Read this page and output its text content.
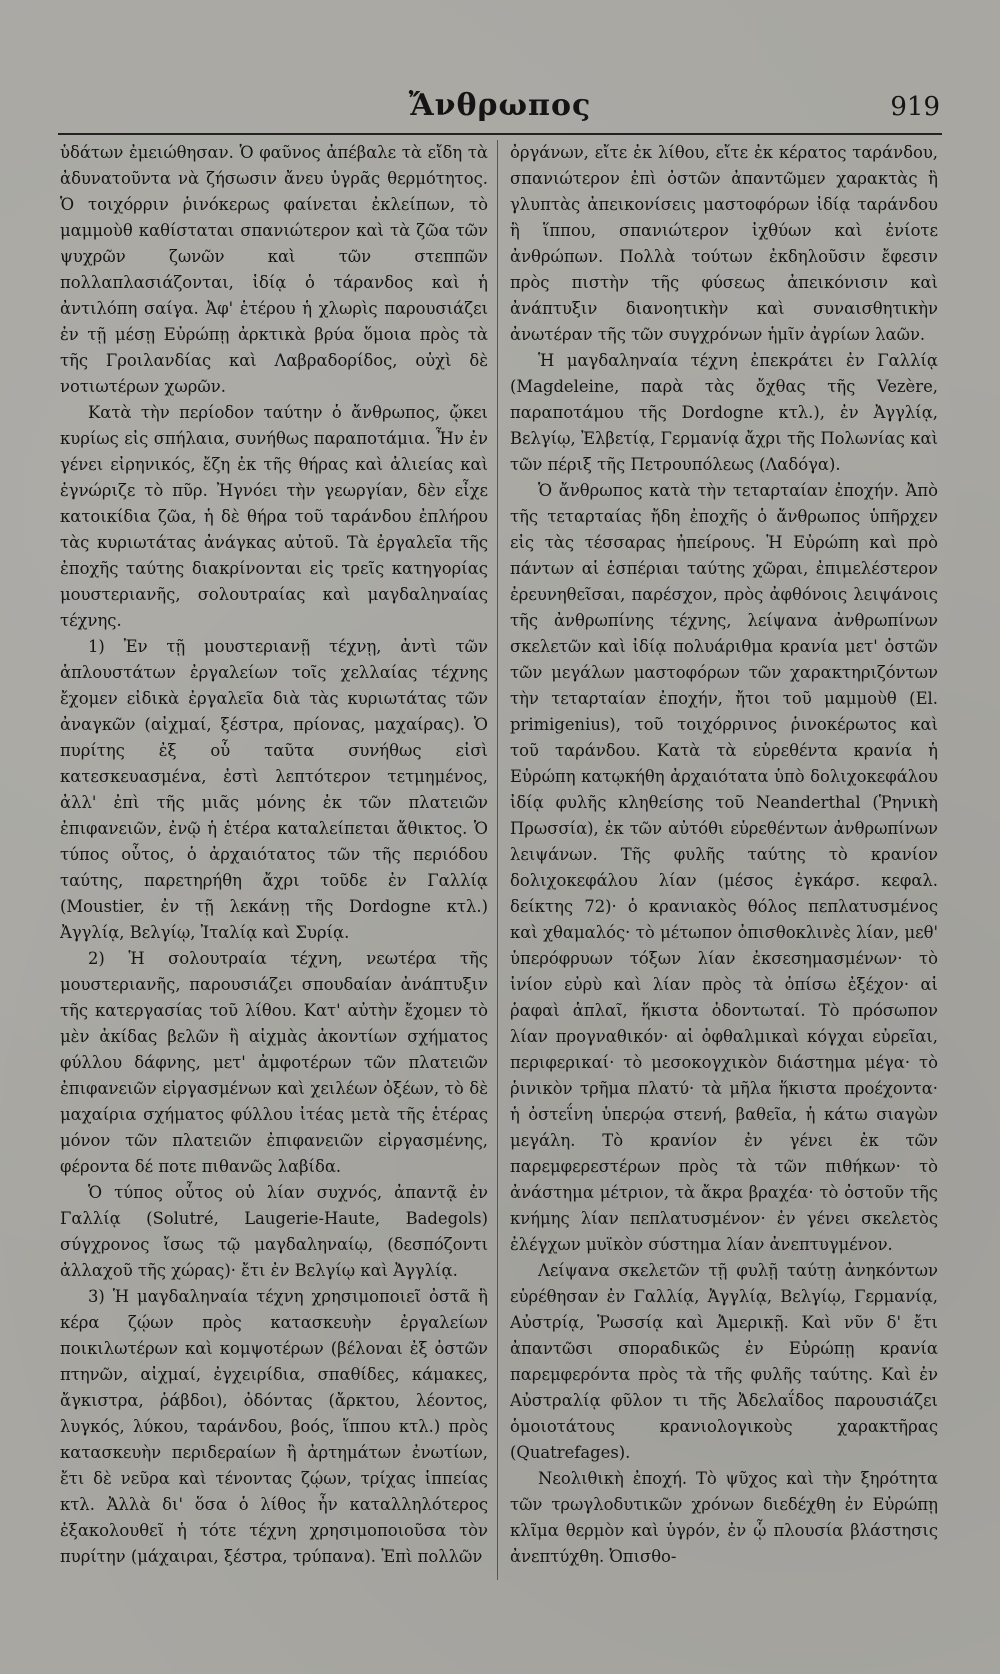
Ἄνθρωπος	919

ὑδάτων ἐμειώθησαν. Ὁ φαῦνος ἀπέβαλε τὰ εἴδη τὰ ἀδυνατοῦντα νὰ ζήσωσιν ἄνευ ὑγρᾶς θερμότητος. Ὁ τοιχόρριν ῥινόκερως φαίνεται ἐκλείπων, τὸ μαμμοὺθ καθίσταται σπανιώτερον καὶ τὰ ζῶα τῶν ψυχρῶν ζωνῶν καὶ τῶν στεππῶν πολλαπλασιάζονται, ἰδίᾳ ὁ τάρανδος καὶ ἡ ἀντιλόπη σαίγα. Ἀφ' ἑτέρου ἡ χλωρὶς παρουσιάζει ἐν τῇ μέσῃ Εὐρώπῃ ἀρκτικὰ βρύα ὅμοια πρὸς τὰ τῆς Γροιλανδίας καὶ Λαβραδορίδος, οὐχὶ δὲ νοτιωτέρων χωρῶν.

Κατὰ τὴν περίοδον ταύτην ὁ ἄνθρωπος, ᾤκει κυρίως εἰς σπήλαια, συνήθως παραποτάμια. Ἦν ἐν γένει εἰρηνικός, ἔζη ἐκ τῆς θήρας καὶ ἁλιείας καὶ ἐγνώριζε τὸ πῦρ. Ἠγνόει τὴν γεωργίαν, δὲν εἶχε κατοικίδια ζῶα, ἡ δὲ θήρα τοῦ ταράνδου ἐπλήρου τὰς κυριωτάτας ἀνάγκας αὐτοῦ. Τὰ ἐργαλεῖα τῆς ἐποχῆς ταύτης διακρίνονται εἰς τρεῖς κατηγορίας μουστεριανῆς, σολουτραίας καὶ μαγδαληναίας τέχνης.

1) Ἐν τῇ μουστεριανῇ τέχνῃ, ἀντὶ τῶν ἁπλουστάτων ἐργαλείων τοῖς χελλαίας τέχνης ἔχομεν εἰδικὰ ἐργαλεῖα διὰ τὰς κυριωτάτας τῶν ἀναγκῶν (αἰχμαί, ξέστρα, πρίονας, μαχαίρας). Ὁ πυρίτης ἐξ οὗ ταῦτα συνήθως εἰσὶ κατεσκευασμένα, ἐστὶ λεπτότερον τετμημένος, ἀλλ' ἐπὶ τῆς μιᾶς μόνης ἐκ τῶν πλατειῶν ἐπιφανειῶν, ἐνῷ ἡ ἑτέρα καταλείπεται ἄθικτος. Ὁ τύπος οὗτος, ὁ ἀρχαιότατος τῶν τῆς περιόδου ταύτης, παρετηρήθη ἄχρι τοῦδε ἐν Γαλλίᾳ (Moustier, ἐν τῇ λεκάνῃ τῆς Dordogne κτλ.) Ἀγγλίᾳ, Βελγίῳ, Ἰταλίᾳ καὶ Συρίᾳ.

2) Ἡ σολουτραία τέχνη, νεωτέρα τῆς μουστεριανῆς, παρουσιάζει σπουδαίαν ἀνάπτυξιν τῆς κατεργασίας τοῦ λίθου. Κατ' αὐτὴν ἔχομεν τὸ μὲν ἀκίδας βελῶν ἢ αἰχμὰς ἀκοντίων σχήματος φύλλου δάφνης, μετ' ἀμφοτέρων τῶν πλατειῶν ἐπιφανειῶν εἰργασμένων καὶ χειλέων ὀξέων, τὸ δὲ μαχαίρια σχήματος φύλλου ἰτέας μετὰ τῆς ἑτέρας μόνον τῶν πλατειῶν ἐπιφανειῶν εἰργασμένης, φέροντα δέ ποτε πιθανῶς λαβίδα.

Ὁ τύπος οὗτος οὐ λίαν συχνός, ἀπαντᾷ ἐν Γαλλίᾳ (Solutré, Laugerie-Haute, Badegols) σύγχρονος ἴσως τῷ μαγδαληναίῳ, (δεσπόζοντι ἀλλαχοῦ τῆς χώρας)· ἔτι ἐν Βελγίῳ καὶ Ἀγγλίᾳ.

3) Ἡ μαγδαληναία τέχνη χρησιμοποιεῖ ὀστᾶ ἢ κέρα ζῴων πρὸς κατασκευὴν ἐργαλείων ποικιλωτέρων καὶ κομψοτέρων (βέλοναι ἐξ ὀστῶν πτηνῶν, αἰχμαί, ἐγχειρίδια, σπαθίδες, κάμακες, ἄγκιστρα, ῥάβδοι), ὀδόντας (ἄρκτου, λέοντος, λυγκός, λύκου, ταράνδου, βοός, ἵππου κτλ.) πρὸς κατασκευὴν περιδεραίων ἢ ἀρτημάτων ἐνωτίων, ἔτι δὲ νεῦρα καὶ τένοντας ζῴων, τρίχας ἱππείας κτλ. Ἀλλὰ δι' ὅσα ὁ λίθος ἦν καταλληλότερος ἐξακολουθεῖ ἡ τότε τέχνη χρησιμοποιοῦσα τὸν πυρίτην (μάχαιραι, ξέστρα, τρύπανα). Ἐπὶ πολλῶν

ὀργάνων, εἴτε ἐκ λίθου, εἴτε ἐκ κέρατος ταράνδου, σπανιώτερον ἐπὶ ὀστῶν ἀπαντῶμεν χαρακτὰς ἢ γλυπτὰς ἀπεικονίσεις μαστοφόρων ἰδίᾳ ταράνδου ἢ ἵππου, σπανιώτερον ἰχθύων καὶ ἐνίοτε ἀνθρώπων. Πολλὰ τούτων ἐκδηλοῦσιν ἔφεσιν πρὸς πιστὴν τῆς φύσεως ἀπεικόνισιν καὶ ἀνάπτυξιν διανοητικὴν καὶ συναισθητικὴν ἀνωτέραν τῆς τῶν συγχρόνων ἡμῖν ἀγρίων λαῶν.

Ἡ μαγδαληναία τέχνη ἐπεκράτει ἐν Γαλλίᾳ (Magdeleine, παρὰ τὰς ὄχθας τῆς Vezère, παραποτάμου τῆς Dordogne κτλ.), ἐν Ἀγγλίᾳ, Βελγίῳ, Ἐλβετίᾳ, Γερμανίᾳ ἄχρι τῆς Πολωνίας καὶ τῶν πέριξ τῆς Πετρουπόλεως (Λαδόγα).

Ὁ ἄνθρωπος κατὰ τὴν τεταρταίαν ἐποχήν. Ἀπὸ τῆς τεταρταίας ἤδη ἐποχῆς ὁ ἄνθρωπος ὑπῆρχεν εἰς τὰς τέσσαρας ἠπείρους. Ἡ Εὐρώπη καὶ πρὸ πάντων αἱ ἑσπέριαι ταύτης χῶραι, ἐπιμελέστερον ἐρευνηθεῖσαι, παρέσχον, πρὸς ἀφθόνοις λειψάνοις τῆς ἀνθρωπίνης τέχνης, λείψανα ἀνθρωπίνων σκελετῶν καὶ ἰδίᾳ πολυάριθμα κρανία μετ' ὀστῶν τῶν μεγάλων μαστοφόρων τῶν χαρακτηριζόντων τὴν τεταρταίαν ἐποχήν, ἤτοι τοῦ μαμμοὺθ (El. primigenius), τοῦ τοιχόρρινος ῥινοκέρωτος καὶ τοῦ ταράνδου. Κατὰ τὰ εὑρεθέντα κρανία ἡ Εὐρώπη κατῳκήθη ἀρχαιότατα ὑπὸ δολιχοκεφάλου ἰδίᾳ φυλῆς κληθείσης τοῦ Neanderthal (Ῥηνικὴ Πρωσσία), ἐκ τῶν αὐτόθι εὑρεθέντων ἀνθρωπίνων λειψάνων. Τῆς φυλῆς ταύτης τὸ κρανίον δολιχοκεφάλου λίαν (μέσος ἐγκάρσ. κεφαλ. δείκτης 72)· ὁ κρανιακὸς θόλος πεπλατυσμένος καὶ χθαμαλός· τὸ μέτωπον ὀπισθοκλινὲς λίαν, μεθ' ὑπερόφρυων τόξων λίαν ἐκσεσημασμένων· τὸ ἰνίον εὐρὺ καὶ λίαν πρὸς τὰ ὀπίσω ἐξέχον· αἱ ῥαφαὶ ἁπλαῖ, ἥκιστα ὀδοντωταί. Τὸ πρόσωπον λίαν προγναθικόν· αἱ ὀφθαλμικαὶ κόγχαι εὐρεῖαι, περιφερικαί· τὸ μεσοκογχικὸν διάστημα μέγα· τὸ ῥινικὸν τρῆμα πλατύ· τὰ μῆλα ἥκιστα προέχοντα· ἡ ὀστεΐνη ὑπερῴα στενή, βαθεῖα, ἡ κάτω σιαγὼν μεγάλη. Τὸ κρανίον ἐν γένει ἐκ τῶν παρεμφερεστέρων πρὸς τὰ τῶν πιθήκων· τὸ ἀνάστημα μέτριον, τὰ ἄκρα βραχέα· τὸ ὀστοῦν τῆς κνήμης λίαν πεπλατυσμένον· ἐν γένει σκελετὸς ἐλέγχων μυϊκὸν σύστημα λίαν ἀνεπτυγμένον.

Λείψανα σκελετῶν τῇ φυλῇ ταύτῃ ἀνηκόντων εὑρέθησαν ἐν Γαλλίᾳ, Ἀγγλίᾳ, Βελγίῳ, Γερμανίᾳ, Αὐστρίᾳ, Ῥωσσίᾳ καὶ Ἀμερικῇ. Καὶ νῦν δ' ἔτι ἀπαντῶσι σποραδικῶς ἐν Εὐρώπῃ κρανία παρεμφερόντα πρὸς τὰ τῆς φυλῆς ταύτης. Καὶ ἐν Αὐστραλίᾳ φῦλον τι τῆς Ἀδελαΐδος παρουσιάζει ὁμοιοτάτους κρανιολογικοὺς χαρακτῆρας (Quatrefages).

Νεολιθικὴ ἐποχή. Τὸ ψῦχος καὶ τὴν ξηρότητα τῶν τρωγλοδυτικῶν χρόνων διεδέχθη ἐν Εὐρώπῃ κλῖμα θερμὸν καὶ ὑγρόν, ἐν ᾧ πλουσία βλάστησις ἀνεπτύχθη. Ὀπισθο-
